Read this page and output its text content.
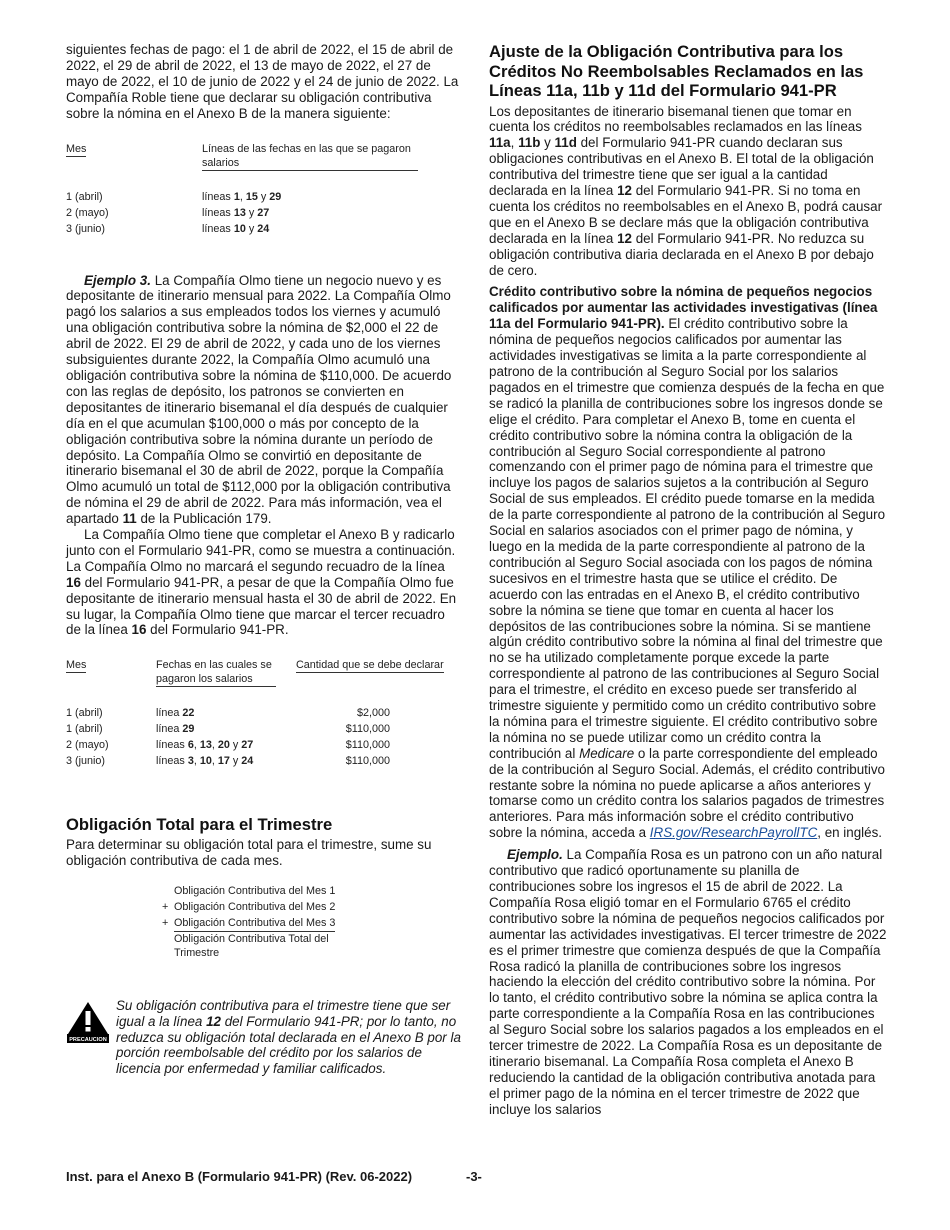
siguientes fechas de pago: el 1 de abril de 2022, el 15 de abril de 2022, el 29 de abril de 2022, el 13 de mayo de 2022, el 27 de mayo de 2022, el 10 de junio de 2022 y el 24 de junio de 2022. La Compañía Roble tiene que declarar su obligación contributiva sobre la nómina en el Anexo B de la manera siguiente:

Mes	Líneas de las fechas en las que se pagaron salarios

1 (abril)	líneas 1, 15 y 29
2 (mayo)	líneas 13 y 27
3 (junio)	líneas 10 y 24

Ejemplo 3. La Compañía Olmo tiene un negocio nuevo y es depositante de itinerario mensual para 2022. La Compañía Olmo pagó los salarios a sus empleados todos los viernes y acumuló una obligación contributiva sobre la nómina de $2,000 el 22 de abril de 2022. El 29 de abril de 2022, y cada uno de los viernes subsiguientes durante 2022, la Compañía Olmo acumuló una obligación contributiva sobre la nómina de $110,000. De acuerdo con las reglas de depósito, los patronos se convierten en depositantes de itinerario bisemanal el día después de cualquier día en el que acumulan $100,000 o más por concepto de la obligación contributiva sobre la nómina durante un período de depósito. La Compañía Olmo se convirtió en depositante de itinerario bisemanal el 30 de abril de 2022, porque la Compañía Olmo acumuló un total de $112,000 por la obligación contributiva de nómina el 29 de abril de 2022. Para más información, vea el apartado 11 de la Publicación 179.

La Compañía Olmo tiene que completar el Anexo B y radicarlo junto con el Formulario 941-PR, como se muestra a continuación. La Compañía Olmo no marcará el segundo recuadro de la línea 16 del Formulario 941-PR, a pesar de que la Compañía Olmo fue depositante de itinerario mensual hasta el 30 de abril de 2022. En su lugar, la Compañía Olmo tiene que marcar el tercer recuadro de la línea 16 del Formulario 941-PR.

Mes	Fechas en las cuales se pagaron los salarios	Cantidad que se debe declarar

1 (abril)	línea 22	$2,000
1 (abril)	línea 29	$110,000
2 (mayo)	líneas 6, 13, 20 y 27	$110,000
3 (junio)	líneas 3, 10, 17 y 24	$110,000
Obligación Total para el Trimestre

Para determinar su obligación total para el trimestre, sume su obligación contributiva de cada mes.

Obligación Contributiva del Mes 1
+ Obligación Contributiva del Mes 2
+ Obligación Contributiva del Mes 3
Obligación Contributiva Total del Trimestre
PRECAUCION
Su obligación contributiva para el trimestre tiene que ser igual a la línea 12 del Formulario 941-PR; por lo tanto, no reduzca su obligación total declarada en el Anexo B por la porción reembolsable del crédito por los salarios de licencia por enfermedad y familiar calificados.
Ajuste de la Obligación Contributiva para los Créditos No Reembolsables Reclamados en las Líneas 11a, 11b y 11d del Formulario 941-PR

Los depositantes de itinerario bisemanal tienen que tomar en cuenta los créditos no reembolsables reclamados en las líneas 11a, 11b y 11d del Formulario 941-PR cuando declaran sus obligaciones contributivas en el Anexo B. El total de la obligación contributiva del trimestre tiene que ser igual a la cantidad declarada en la línea 12 del Formulario 941-PR. Si no toma en cuenta los créditos no reembolsables en el Anexo B, podrá causar que en el Anexo B se declare más que la obligación contributiva declarada en la línea 12 del Formulario 941-PR. No reduzca su obligación contributiva diaria declarada en el Anexo B por debajo de cero.

Crédito contributivo sobre la nómina de pequeños negocios calificados por aumentar las actividades investigativas (línea 11a del Formulario 941-PR). El crédito contributivo sobre la nómina de pequeños negocios calificados por aumentar las actividades investigativas se limita a la parte correspondiente al patrono de la contribución al Seguro Social por los salarios pagados en el trimestre que comienza después de la fecha en que se radicó la planilla de contribuciones sobre los ingresos donde se elige el crédito. Para completar el Anexo B, tome en cuenta el crédito contributivo sobre la nómina contra la obligación de la contribución al Seguro Social correspondiente al patrono comenzando con el primer pago de nómina para el trimestre que incluye los pagos de salarios sujetos a la contribución al Seguro Social de sus empleados. El crédito puede tomarse en la medida de la parte correspondiente al patrono de la contribución al Seguro Social en salarios asociados con el primer pago de nómina, y luego en la medida de la parte correspondiente al patrono de la contribución al Seguro Social asociada con los pagos de nómina sucesivos en el trimestre hasta que se utilice el crédito. De acuerdo con las entradas en el Anexo B, el crédito contributivo sobre la nómina se tiene que tomar en cuenta al hacer los depósitos de las contribuciones sobre la nómina. Si se mantiene algún crédito contributivo sobre la nómina al final del trimestre que no se ha utilizado completamente porque excede la parte correspondiente al patrono de las contribuciones al Seguro Social para el trimestre, el crédito en exceso puede ser transferido al trimestre siguiente y permitido como un crédito contributivo sobre la nómina para el trimestre siguiente. El crédito contributivo sobre la nómina no se puede utilizar como un crédito contra la contribución al Medicare o la parte correspondiente del empleado de la contribución al Seguro Social. Además, el crédito contributivo restante sobre la nómina no puede aplicarse a años anteriores y tomarse como un crédito contra los salarios pagados de trimestres anteriores. Para más información sobre el crédito contributivo sobre la nómina, acceda a IRS.gov/ResearchPayrollTC, en inglés.

Ejemplo. La Compañía Rosa es un patrono con un año natural contributivo que radicó oportunamente su planilla de contribuciones sobre los ingresos el 15 de abril de 2022. La Compañía Rosa eligió tomar en el Formulario 6765 el crédito contributivo sobre la nómina de pequeños negocios calificados por aumentar las actividades investigativas. El tercer trimestre de 2022 es el primer trimestre que comienza después de que la Compañía Rosa radicó la planilla de contribuciones sobre los ingresos haciendo la elección del crédito contributivo sobre la nómina. Por lo tanto, el crédito contributivo sobre la nómina se aplica contra la parte correspondiente a la Compañía Rosa en las contribuciones al Seguro Social sobre los salarios pagados a los empleados en el tercer trimestre de 2022. La Compañía Rosa es un depositante de itinerario bisemanal. La Compañía Rosa completa el Anexo B reduciendo la cantidad de la obligación contributiva anotada para el primer pago de la nómina en el tercer trimestre de 2022 que incluye los salarios

Inst. para el Anexo B (Formulario 941-PR) (Rev. 06-2022)	-3-
